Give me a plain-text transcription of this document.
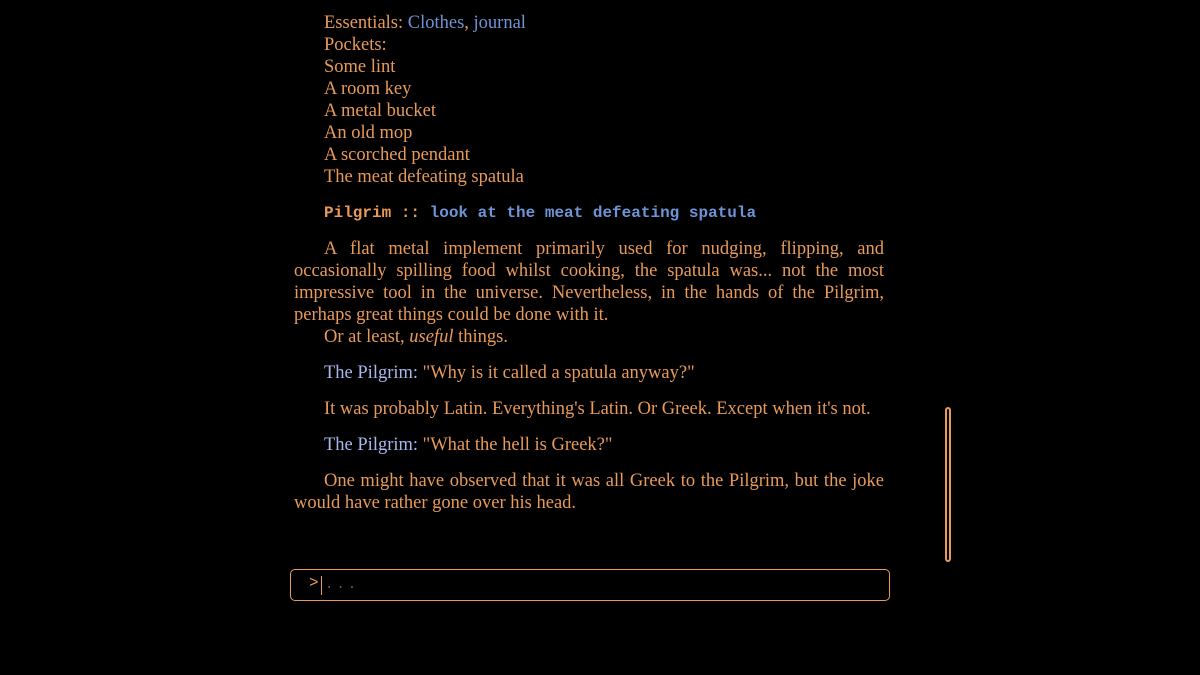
Essentials: Clothes, journal
Pockets:
Some lint
A room key
A metal bucket
An old mop
A scorched pendant
The meat defeating spatula
Pilgrim :: look at the meat defeating spatula
A flat metal implement primarily used for nudging, flipping, and occasionally spilling food whilst cooking, the spatula was... not the most impressive tool in the universe. Nevertheless, in the hands of the Pilgrim, perhaps great things could be done with it.
Or at least, useful things.
The Pilgrim: "Why is it called a spatula anyway?"
It was probably Latin. Everything's Latin. Or Greek. Except when it's not.
The Pilgrim: "What the hell is Greek?"
One might have observed that it was all Greek to the Pilgrim, but the joke would have rather gone over his head.
>
...
